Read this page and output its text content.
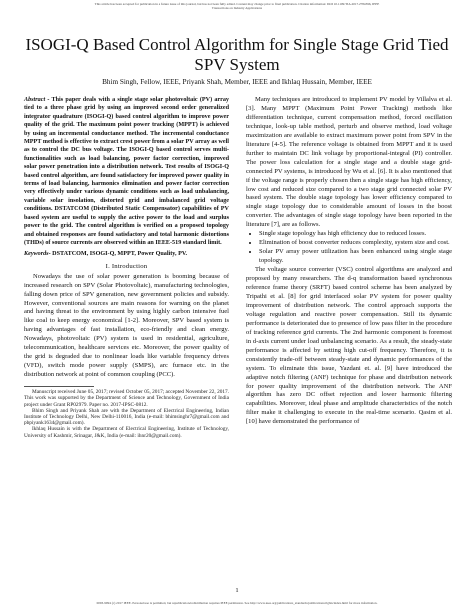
This article has been accepted for publication in a future issue of this journal, but has not been fully edited. Content may change prior to final publication. Citation information: DOI 10.1109/TIA.2017.2784396, IEEE
Transactions on Industry Applications
ISOGI-Q Based Control Algorithm for Single Stage Grid Tied SPV System
Bhim Singh, Fellow, IEEE, Priyank Shah, Member, IEEE and Ikhlaq Hussain, Member, IEEE
Abstract - This paper deals with a single stage solar photovoltaic (PV) array tied to a three phase grid by using an improved second order generalized integrator quadrature (ISOGI-Q) based control algorithm to improve power quality of the grid. The maximum point power tracking (MPPT) is achieved by using an incremental conductance method. The incremental conductance MPPT method is effective to extract crest power from a solar PV array as well as to control the DC bus voltage. The ISOGI-Q based control serves multi-functionalities such as load balancing, power factor correction, improved solar power penetration into a distribution network. Test results of ISOGI-Q based control algorithm, are found satisfactory for improved power quality in terms of load balancing, harmonics elimination and power factor correction very effectively under various dynamic conditions such as load unbalancing, variable solar insolation, distorted grid and imbalanced grid voltage conditions. DSTATCOM (Distributed Static Compensator) capabilities of PV based system are useful to supply the active power to the load and surplus power to the grid. The control algorithm is verified on a proposed topology and obtained responses are found satisfactory and total harmonic distortions (THDs) of source currents are observed within an IEEE-519 standard limit.
Keywords- DSTATCOM, ISOGI-Q, MPPT, Power Quality, PV.
I. Introduction

Nowadays the use of solar power generation is booming because of increased research on SPV (Solar Photovoltaic), manufacturing technologies, falling down price of SPV generation, new government policies and subsidy. However, conventional sources are main reasons for warning on the planet and having threat to the environment by using highly carbon intensive fuel like coal to keep energy economical [1-2]. Moreover, SPV based system is having advantages of fast installation, eco-friendly and clean energy. Nowadays, photovoltaic (PV) system is used in residential, agriculture, telecommunication, healthcare services etc. Moreover, the power quality of the grid is degraded due to nonlinear loads like variable frequency drives (VFD), switch mode power supply (SMPS), arc furnace etc. in the distribution network at point of common coupling (PCC).

Manuscript received June 05, 2017; revised October 05, 2017; accepted November 22, 2017. This work was supported by the Department of Science and Technology, Government of India project under Grant RP02979. Paper no. 2017-IPSC-0812.

Bhim Singh and Priyank Shah are with the Department of Electrical Engineering, Indian Institute of Technology Delhi, New Delhi-110016, India (e-mail: bhimsinghr7@gmail.com and pbpiyank1634@gmail.com).

Ikhlaq Hussain is with the Department of Electrical Engineering, Institute of Technology, University of Kashmir, Srinagar, J&K, India (e-mail: ihnr20@gmail.com).

Many techniques are introduced to implement PV model by Villalva et al. [3]. Many MPPT (Maximum Point Power Tracking) methods like differentiation technique, current compensation method, forced oscillation technique, look-up table method, perturb and observe method, load voltage maximization are available to extract maximum power point from SPV in the literature [4-5]. The reference voltage is obtained from MPPT and it is used further to maintain DC link voltage by proportional-integral (PI) controller. The power loss calculation for a single stage and a double stage grid-connected PV systems, is introduced by Wu et al. [6]. It is also mentioned that if the voltage range is properly chosen then a single stage has high efficiency, low cost and reduced size compared to a two stage grid connected solar PV based system. The double stage topology has lower efficiency compared to single stage topology due to considerable amount of losses in the boost converter. The advantages of single stage topology have been reported in the literature [7], are as follows.

• Single stage topology has high efficiency due to reduced losses.
• Elimination of boost converter reduces complexity, system size and cost.
• Solar PV array power utilization has been enhanced using single stage topology.

The voltage source converter (VSC) control algorithms are analyzed and proposed by many researchers. The d-q transformation based synchronous reference frame theory (SRFT) based control scheme has been analyzed by Tripathi et al. [8] for grid interfaced solar PV system for power quality improvement of distribution network. The control approach supports the voltage regulation and reactive power compensation. Still its dynamic performance is deteriorated due to presence of low pass filter in the procedure of tracking reference grid currents. The 2nd harmonic component is foremost in d-axis current under load unbalancing scenario. As a result, the steady-state performance is affected by setting high cut-off frequency. Therefore, it is consistently trade-off between steady-state and dynamic performances of the system. To eliminate this issue, Yazdani et. al. [9] have introduced the adaptive notch filtering (ANF) technique for phase and distribution network for power quality improvement of the distribution network. The ANF algorithm has zero DC offset rejection and lower harmonic filtering capabilities. Moreover, ideal phase and amplitude characteristics of the notch filter make it challenging to execute in the real-time scenario. Qasim et al. [10] have demonstrated the performance of

1
0093-9994 (c) 2017 IEEE. Personal use is permitted, but republication/redistribution requires IEEE permission. See http://www.ieee.org/publications_standards/publications/rights/index.html for more information.
